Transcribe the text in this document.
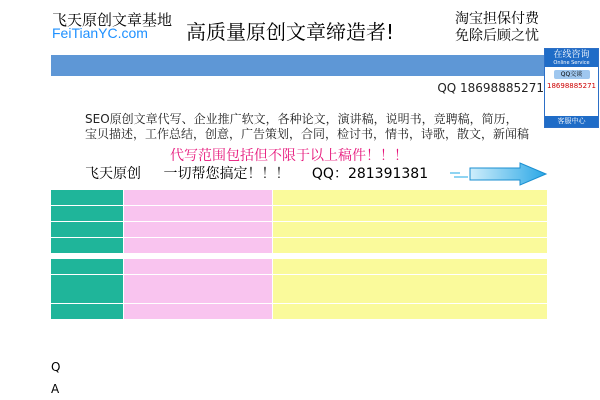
飞天原创文章基地
FeiTianYC.com 高质量原创文章缔造者!
淘宝担保付费
免除后顾之忧
QQ 18698885271
SEO原创文章代写、企业推广软文，各种论文，演讲稿，说明书，竞聘稿，简历，
宝贝描述，工作总结，创意，广告策划，合同，检讨书，情书，诗歌，散文，新闻稿
代写范围包括但不限于以上稿件！！！
飞天原创 一切帮您搞定！！！ QQ：281391381

在线咨询
Online Service
QQ交谈
18698885271
客服中心
Q
A
